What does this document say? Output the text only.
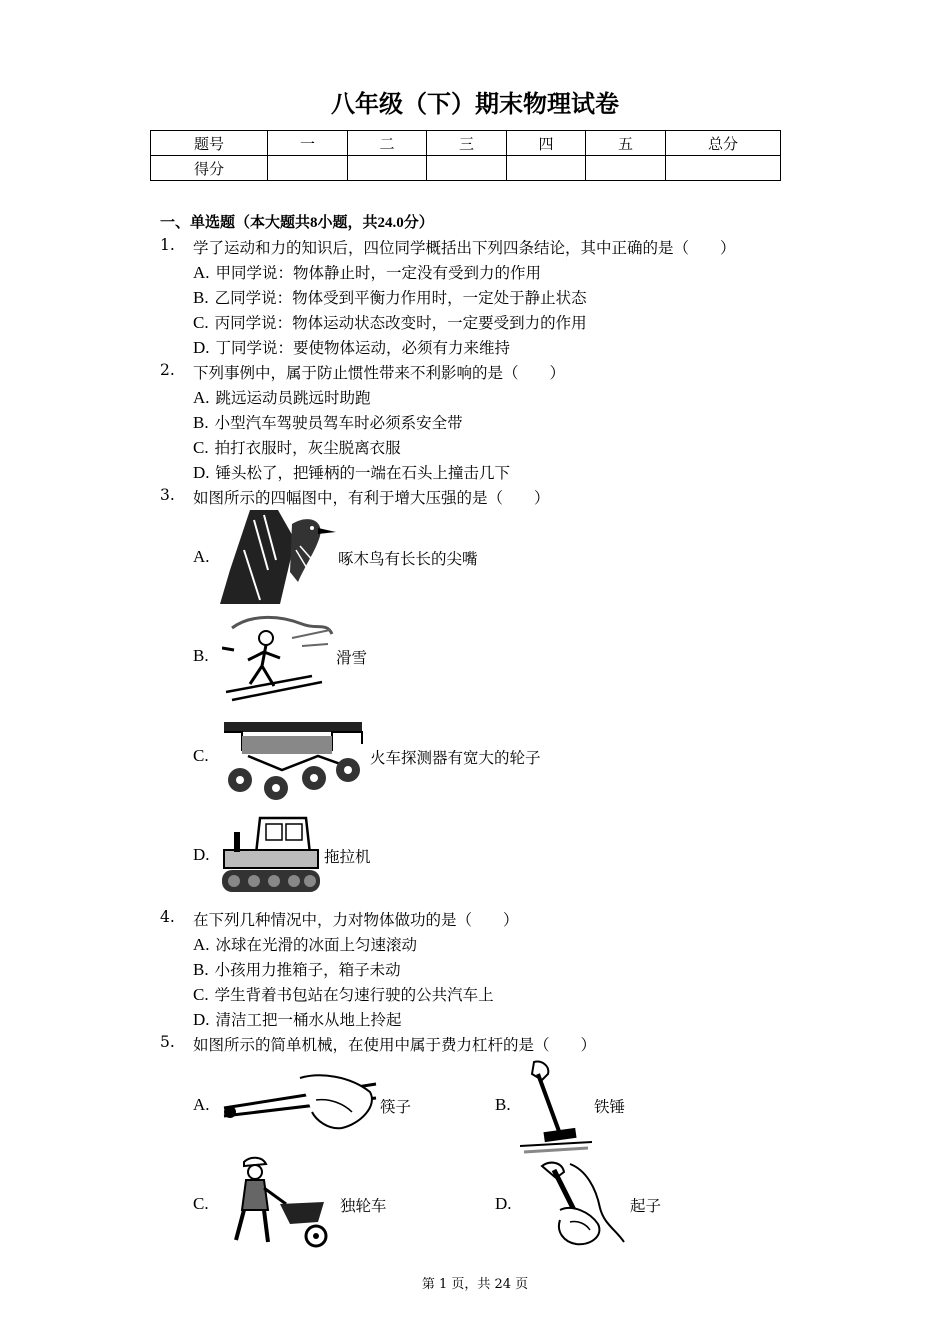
八年级（下）期末物理试卷
题号	一	二	三	四	五	总分
得分						
一、单选题（本大题共8小题，共24.0分）
1.	学了运动和力的知识后，四位同学概括出下列四条结论，其中正确的是（　　）
A. 甲同学说：物体静止时，一定没有受到力的作用
B. 乙同学说：物体受到平衡力作用时，一定处于静止状态
C. 丙同学说：物体运动状态改变时，一定要受到力的作用
D. 丁同学说：要使物体运动，必须有力来维持
2.	下列事例中，属于防止惯性带来不利影响的是（　　）
A. 跳远运动员跳远时助跑
B. 小型汽车驾驶员驾车时必须系安全带
C. 拍打衣服时，灰尘脱离衣服
D. 锤头松了，把锤柄的一端在石头上撞击几下
3.	如图所示的四幅图中，有利于增大压强的是（　　）
A.	啄木鸟有长长的尖嘴
B.	滑雪
C.	火车探测器有宽大的轮子
D.	拖拉机
4.	在下列几种情况中，力对物体做功的是（　　）
A. 冰球在光滑的冰面上匀速滚动
B. 小孩用力推箱子，箱子未动
C. 学生背着书包站在匀速行驶的公共汽车上
D. 清洁工把一桶水从地上拎起
5.	如图所示的简单机械，在使用中属于费力杠杆的是（　　）
A.	筷子	B.	铁锤
C.	独轮车	D.	起子
第 1 页，共 24 页
